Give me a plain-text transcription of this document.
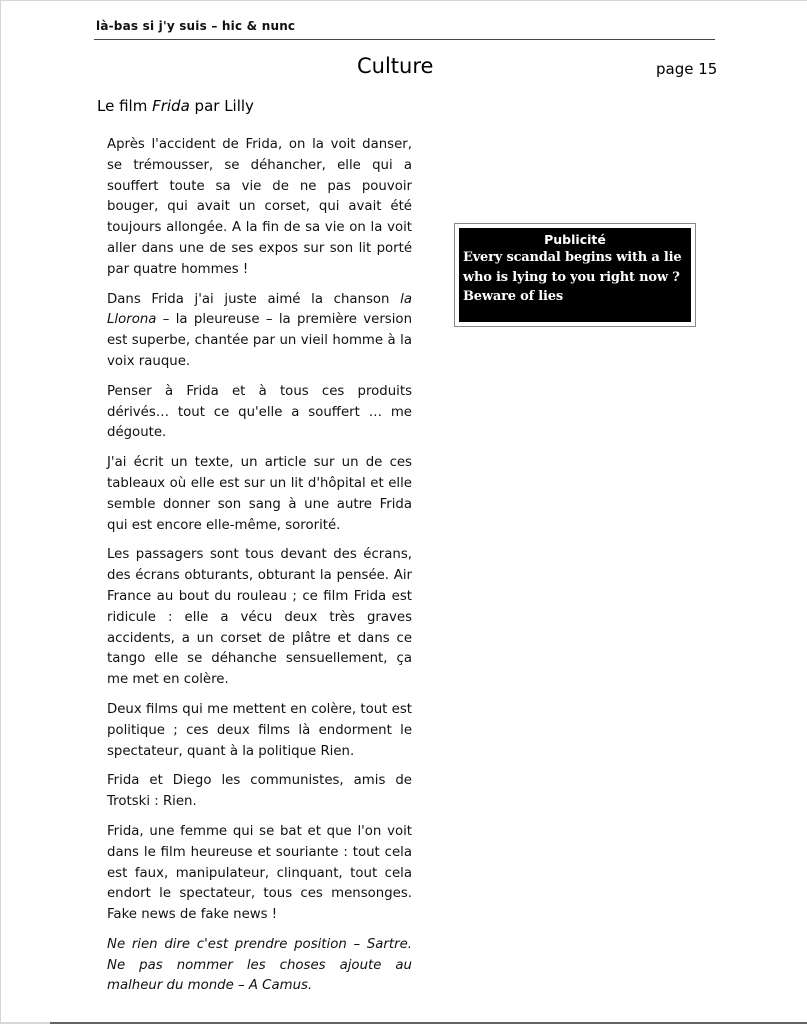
là-bas si j'y suis – hic & nunc
Culture	page 15
Le film Frida par Lilly

Après l'accident de Frida, on la voit danser, se trémousser, se déhancher, elle qui a souffert toute sa vie de ne pas pouvoir bouger, qui avait un corset, qui avait été toujours allongée. A la fin de sa vie on la voit aller dans une de ses expos sur son lit porté par quatre hommes !

Dans Frida j'ai juste aimé la chanson la Llorona – la pleureuse – la première version est superbe, chantée par un vieil homme à la voix rauque.

Penser à Frida et à tous ces produits dérivés… tout ce qu'elle a souffert … me dégoute.

J'ai écrit un texte, un article sur un de ces tableaux où elle est sur un lit d'hôpital et elle semble donner son sang à une autre Frida qui est encore elle-même, sororité.

Les passagers sont tous devant des écrans, des écrans obturants, obturant la pensée. Air France au bout du rouleau ; ce film Frida est ridicule : elle a vécu deux très graves accidents, a un corset de plâtre et dans ce tango elle se déhanche sensuellement, ça me met en colère.

Deux films qui me mettent en colère, tout est politique ; ces deux films là endorment le spectateur, quant à la politique Rien.

Frida et Diego les communistes, amis de Trotski : Rien.

Frida, une femme qui se bat et que l'on voit dans le film heureuse et souriante : tout cela est faux, manipulateur, clinquant, tout cela endort le spectateur, tous ces mensonges. Fake news de fake news !

Ne rien dire c'est prendre position – Sartre. Ne pas nommer les choses ajoute au malheur du monde – A Camus.

Publicité
Every scandal begins with a lie
who is lying to you right now ?
Beware of lies
